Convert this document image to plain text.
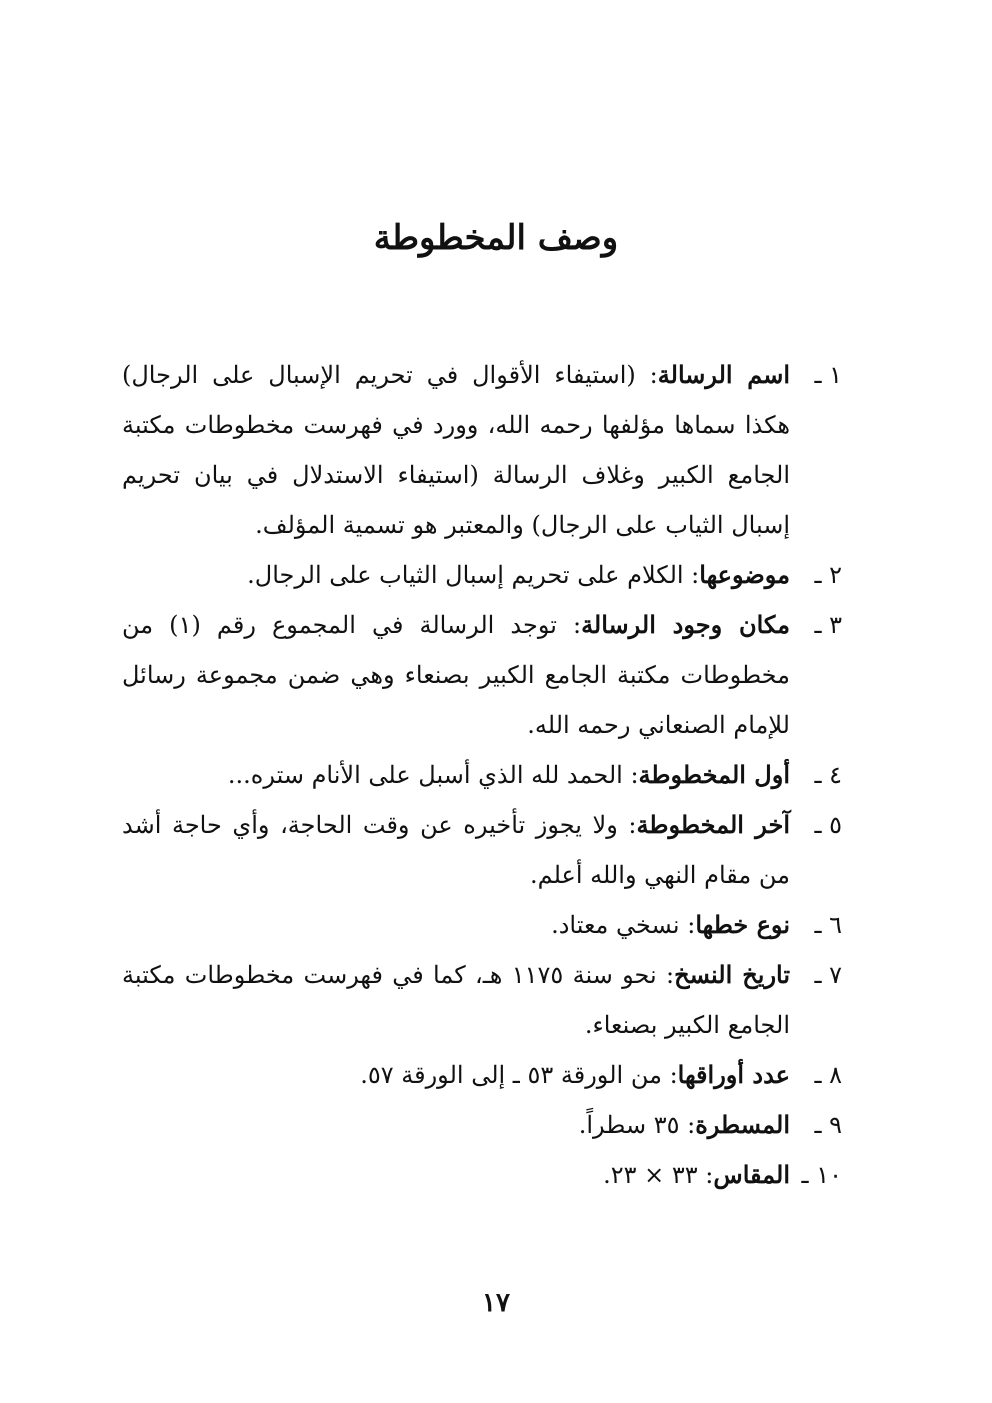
وصف المخطوطة

١ ـ
اسم الرسالة: (استيفاء الأقوال في تحريم الإسبال على الرجال) هكذا سماها مؤلفها رحمه الله، وورد في فهرست مخطوطات مكتبة الجامع الكبير وغلاف الرسالة (استيفاء الاستدلال في بيان تحريم إسبال الثياب على الرجال) والمعتبر هو تسمية المؤلف.

٢ ـ
موضوعها: الكلام على تحريم إسبال الثياب على الرجال.

٣ ـ
مكان وجود الرسالة: توجد الرسالة في المجموع رقم (١) من مخطوطات مكتبة الجامع الكبير بصنعاء وهي ضمن مجموعة رسائل للإمام الصنعاني رحمه الله.

٤ ـ
أول المخطوطة: الحمد لله الذي أسبل على الأنام ستره...

٥ ـ
آخر المخطوطة: ولا يجوز تأخيره عن وقت الحاجة، وأي حاجة أشد من مقام النهي والله أعلم.

٦ ـ
نوع خطها: نسخي معتاد.

٧ ـ
تاريخ النسخ: نحو سنة ١١٧٥ هـ، كما في فهرست مخطوطات مكتبة الجامع الكبير بصنعاء.

٨ ـ
عدد أوراقها: من الورقة ٥٣ ـ إلى الورقة ٥٧.

٩ ـ
المسطرة: ٣٥ سطراً.

١٠ ـ
المقاس: ٣٣ × ٢٣.

١٧
